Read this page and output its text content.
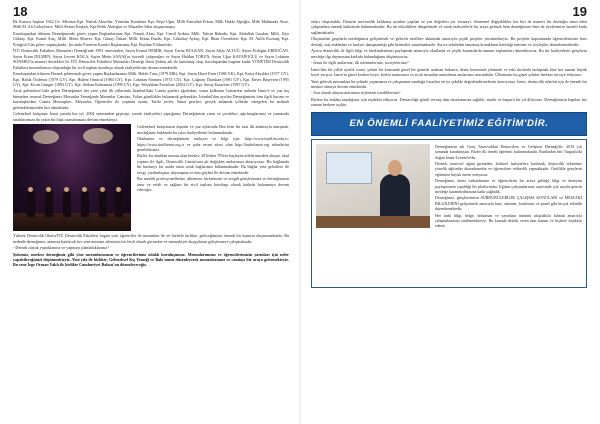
18

İlk Kurucu başkan 1942 Gv. Mecnun Kpt. Namık Aksu'dur. Yönetim Kurulunu Kpt. Reşit Uğur, Milli Emrullah Erkan, Milli Hakkı Alpoğlu, Milli Mahmuda Atsız, Milli M. Ali Göleylence, Milli Ahmet Keşkek, Kpt.Refik Akdoğan ve Muzaffer Saba oluşturmuştu.

Kuruluşundan itibaren Derneğimizde görev yapan Başkanlarımız Kpt. Namık Aksu, Kpt. Cemil Arıkan, Milli. Tahsin Bahadır, Kpt. Abdullah Gazdan, Milli. Ziya Göktay, Kpt. Kamil Ataç, Milli. Metin Mutver, Kpt. Günay Özkan, Milli. Erkan Durdu, Kpt. Günaltay Aykaç, Kpt. İlhan Övendiren, Kpt. M. Atilla Kozataş, Kpt. Ertuğrul Gün görev yapmışlardır. Şu anda Yönetim Kurulu Başkanımız Kpt. Bayhan Yıldırım'dır.

İTÜ Denizcilik Fakültesi Mezunları Derneği'nde 1991 senesinden; Sayın Kemal DEMİR, Sayın Yavuz BULKAN, Sayın Altay ALTUĞ, Sayın Erdoğan ERDOĞAN, Sayın Ertan DİLMEN, Sayın Levent KOCA, Sayın Metin SANAŞ'ın özverili çalışmaları ve Sayın Haldun TORUN, Sayın Uğur KAYAPOĞLU ve Sayın Lokman SÖNMEZ'in manevi destekleri ile İTÜ Denizcilik Fakültesi Mezunları Derneği İzmir Şubesi adı ile kurulmuş olup, kuruluşundan bugüne kadar YÖNETİM Denizcilik Fakültesi mezunlarının oluşturduğu bir sivil toplum kuruluşu olarak faaliyetlerine devam etmektedir.

Kuruluşundan itibaren Dernek şubemizde görev yapan Başkanlarımız Milli. Haldo Tunç (1979 MK), Kpt. Sayın Hayri Esen (1986 YK), Kpt. Kutsi Akyıldız (1977 GY), Kpt. Haluk Özdemir (1979 GY), Kpt. Bülent Omurul (1984 GY), Kpt. Lokman Sönmez (1974 GY), Kpt. Çağatay Durukan (1991 GY), Kpt. Enver Başevren (1995 GY), Kpt. Ercan Güngör (1983 GY), Kpt. Serkan Kahraman (1999 GY), Kpt. Selçukhan Erzurluer (2002 GY), Kpt. Savaş Erzurluer (1997 GY).

Artık geleneksel hale gelen Derneğimizi her yeni yılın ilk yıllarında İstanbul'daki Camia gözleri ağırladım, sonra kalkınan Cumartesi anlarda İzmir'e ve yaz kış bitmeden onursal Derneğimiz Mezunlar Yemeğinde Mezunlar Camiası, Yolun güzellikler bulunarak gelenekler, İstanbul'dan ayrılan Derneğimizin tüm ilgili kurum ve kuruluşlardan, Camia Mensupları, Mezunlar, Öğrenciler ile yaşanan uyum, Tarihi yerler, Sanat gezileri, gerçek anlamda yıllardır süregelen bu anlamlı geleneklerimizden biri olmaktadır.

Geleneksel kalışımız İzmir şurada her yıl; 2004 senesinden geçmişe, yararlı faaliyetleri yaptığımız Derneğimizin yarın ve çocukları, ağırlanışlarımız ve yanınızda ortaklarımıza da yakın bir ilişki sunulmasına devam etmekteyiz.

Geleneksel kalışımızın dışında ve yaz aylarında Ben hem bir saat ilk anlamıyla tanışmak, mesleğimiz hakkında bu yılın faaliyetlerini bulunmaktadır.

Okulumuz ve derneğimizin tarihçesi ve bilgi için; http://www.itudf.itu.edu.tr; https://www.itudfizmir.org.tr ve şube resmi sitesi olan http://itudefizmir.org adreslerini gezebilirsiniz.

Bizler, bu okuldan mezun olan herkes; 20'lerden 70'lere başlayan ailelerimizden oluşan, okul yaşamı ile ilgili, Denizcilik Camia'sına ait değişken anılarımızı aktarıyoruz. Bu bağlamda bir hazineyi bir arada tutan ortak bağlarımız bulunmaktadır. Bu bağlar yeni gelenlere ile sevgi, yardımlaşma, dayanışma ve tüm güçleri ile devam etmektedir.

Biz meslek profesyonellerine, ülkemize, birbirimize ve sevgili gençlerimize ve derneğimizin onur ve refah ve sağlam bir sivil toplum kuruluşu olarak katkıda bulunmaya devam edeceğiz.

Yüksek Denizcilik Okulu/İTÜ Denizcilik Fakültesi bugün yeni öğrenciler ile mezunları ile ve bizlerle birlikte, geleceğimizin önemli bir kısmını oluşturmaktadır. Bu nedenle derneğimiz, aramıza katılacak her yeni mezunu ailemizin bir ferdi olarak görmekte ve mensubiyet duygularını geliştirmeye çalışmaktadır.

- Dernek olarak yaptıklarınız ve yapmayı planladıklarınız?

Şubemiz, merkez derneğimiz gibi yine mezunlarımızın ve öğrencilerimiz odaklı kuruluşumuz. Mezunlarımızın ve öğrencilerimizin yarınları için neler yapabileceğimizi düşünmekteyiz. Yeni yıla ile birlikte, Geleneksel Kış Yemeği ve Balo'muzu düzenleyerek mezunlarımızı ve camiayı bir araya getirmekteyiz. Bu sene İzge Orman Vakfı ile birlikte Cumhuriyet Balosu'nu düzenleyeceğiz.

19

ruları oluşturuldu. Denizin mevsimlik kaldırma ayarları yapılan ve yaz değerleri yer vermeyi, dönemsel değişiklikler her biri de manevi bir derneğin onun eden çalışmalara önemli katkılarda bulunmaktadır. Bu tür etkinlikleri dengelemek ve ortak faaliyetlerle bir araya gelmek hem derneğimize hem de üyelerimize önemli katkı sağlamaktadır.

Oluşturulan gruplarla mesleğimizi geliştirmek ve gelecek nesillere aktarmak amacıyla çeşitli projeler yürütmekteyiz. Bu projeler kapsamında öğrencilerimize burs desteği, staj imkânları ve kariyer danışmanlığı gibi hizmetler sunulmaktadır. Ayrıca sektörden tanınmış konukların katıldığı seminer ve söyleşiler düzenlenmektedir.

Ayrıca denizcilik ile ilgili bilgi ve birikimlerimizi paylaşmak amacıyla okullarda ve çeşitli kurumlarda tanıtım toplantıları düzenliyoruz. Bu tür faaliyetlerin gençlerin mesleğe ilgi duymasına katkıda bulunduğunu düşünüyoruz.

- İzmir ile ilgili anılarınız, ilk izlenimleriniz, tavsiyeleriniz?

İzmir'den bir yıllık ayrılık sonra, şehrin bir kısmında güzel bir gemide uzaktan bakınca, deniz kenarında yürümek ve eski dostlarla buluşmak bize her zaman büyük keyif veriyor. İzmir'in güzel kordon boyu, körfez manzarası ve sıcak insanları unutulmaz anılarımız arasındadır. Ülkemizin bu güzel şehrini herkese tavsiye ediyoruz.

Yeni gelecek mezunlara bu şehirde yaşamanın ve çalışmanın sunduğu fırsatları en iyi şekilde değerlendirmelerini öneriyoruz. İzmir, denizcilik sektörü için de önemli bir merkez olmaya devam etmektedir.

- Son olarak okuyucularımıza söylemek istedikleriniz?

Bizlere bu imkânı tanıdığınız için teşekkür ediyoruz. Denizciliğe gönül vermiş tüm okurlarımıza sağlıklı, mutlu ve başarılı bir yıl diliyoruz. Derneğimizin kapıları her zaman herkese açıktır.

EN ÖNEMLİ FAALİYETİMİZ EĞİTİM'DİR.

Derneğimizin adı Genç Tasavvuldan Denizcilere ve Gelişime Derneği'dir. 2010 yılı sonunda kurulmuştur. Bizler ilk temeli öğretimi bulunmaktadır. Bunlardan biri Turgutlu'da doğan İzmir-Levent'te'dir.

Dernek, tasavvuf ağına girmeden, kültürel faaliyetlere katılarak, denizcilik sektörüne yönelik eğitimler düzenlemekte ve öğrencilere rehberlik yapmaktadır. Özellikle gençlerin eğitimine büyük önem veriyoruz.

Derneğimiz, deniz tutkunlarının ve öğrencilerin bir araya geldiği, bilgi ve deneyim paylaşımının yapıldığı bir platformdur. Eğitim çalışmalarımız sayesinde çok sayıda gencin mesleğe kazandırılmasına katkı sağladık.

Derneğimiz, gençlerimizin SÜRDÜRÜLEBİLİR ÇALIŞMA KONULARI ve MESLEKİ BİLGİLERİNİ geliştirmek amacıyla kurs, seminer, konferans ve panel gibi birçok etkinlik düzenlemektedir.

Her türlü bilgi, belge, doküman ve yayınlara tümünü ulaşılabilir kılmak amacıyla çalışmalarımızı sürdürmekteyiz. Bu konuda destek veren tüm kurum ve kişilere teşekkür ederiz.
